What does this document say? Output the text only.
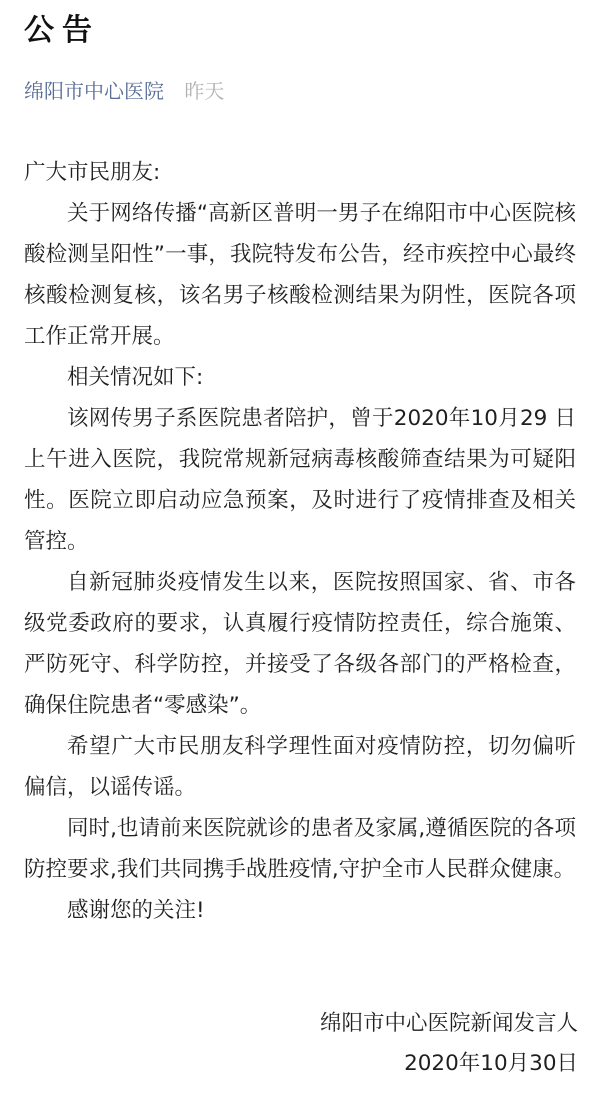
公告
绵阳市中心医院 昨天

广大市民朋友:

关于网络传播“高新区普明一男子在绵阳市中心医院核酸检测呈阳性”一事，我院特发布公告，经市疾控中心最终核酸检测复核，该名男子核酸检测结果为阴性，医院各项工作正常开展。

相关情况如下:

该网传男子系医院患者陪护，曾于2020年10月29 日上午进入医院，我院常规新冠病毒核酸筛查结果为可疑阳性。医院立即启动应急预案，及时进行了疫情排查及相关管控。

自新冠肺炎疫情发生以来，医院按照国家、省、市各级党委政府的要求，认真履行疫情防控责任，综合施策、严防死守、科学防控，并接受了各级各部门的严格检查，确保住院患者“零感染”。

希望广大市民朋友科学理性面对疫情防控，切勿偏听偏信，以谣传谣。

同时,也请前来医院就诊的患者及家属,遵循医院的各项防控要求,我们共同携手战胜疫情,守护全市人民群众健康。

感谢您的关注!

绵阳市中心医院新闻发言人
2020年10月30日
